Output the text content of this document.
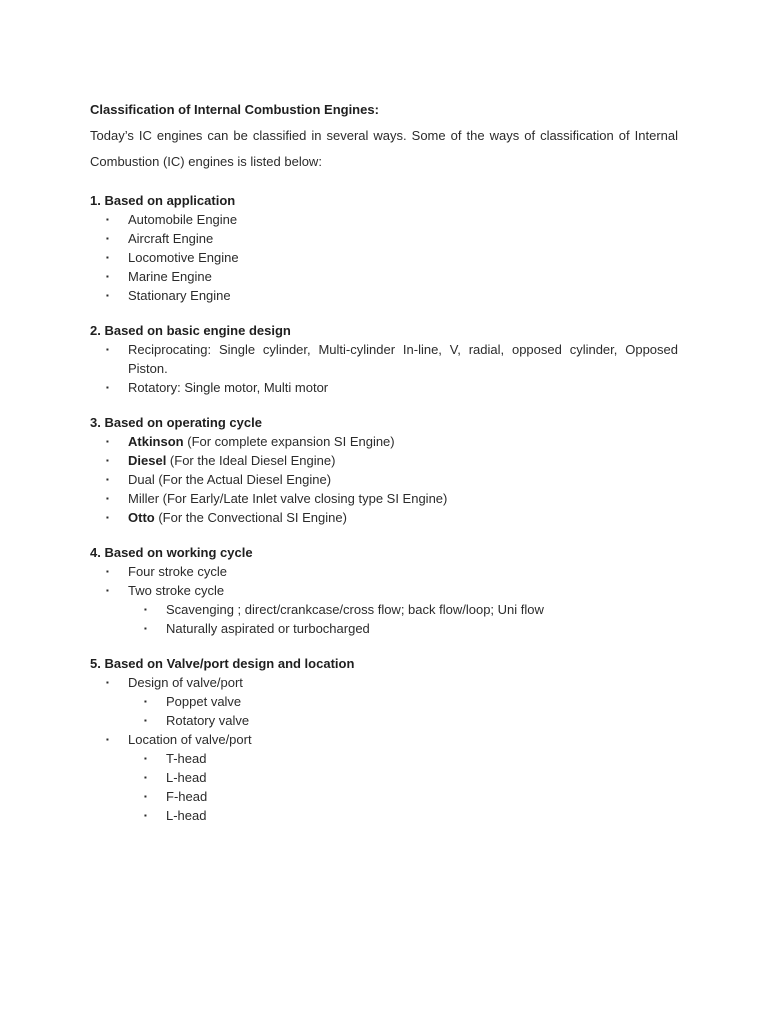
Classification of Internal Combustion Engines:

Today’s IC engines can be classified in several ways. Some of the ways of classification of Internal Combustion (IC) engines is listed below:

1. Based on application
▪ Automobile Engine
▪ Aircraft Engine
▪ Locomotive Engine
▪ Marine Engine
▪ Stationary Engine
2. Based on basic engine design
▪ Reciprocating: Single cylinder, Multi-cylinder In-line, V, radial, opposed cylinder, Opposed Piston.
▪ Rotatory: Single motor, Multi motor
3. Based on operating cycle
▪ Atkinson (For complete expansion SI Engine)
▪ Diesel (For the Ideal Diesel Engine)
▪ Dual (For the Actual Diesel Engine)
▪ Miller (For Early/Late Inlet valve closing type SI Engine)
▪ Otto (For the Convectional SI Engine)
4. Based on working cycle
▪ Four stroke cycle
▪ Two stroke cycle
▪ Scavenging ; direct/crankcase/cross flow; back flow/loop; Uni flow
▪ Naturally aspirated or turbocharged
5. Based on Valve/port design and location
▪ Design of valve/port
▪ Poppet valve
▪ Rotatory valve
▪ Location of valve/port
▪ T-head
▪ L-head
▪ F-head
▪ L-head
